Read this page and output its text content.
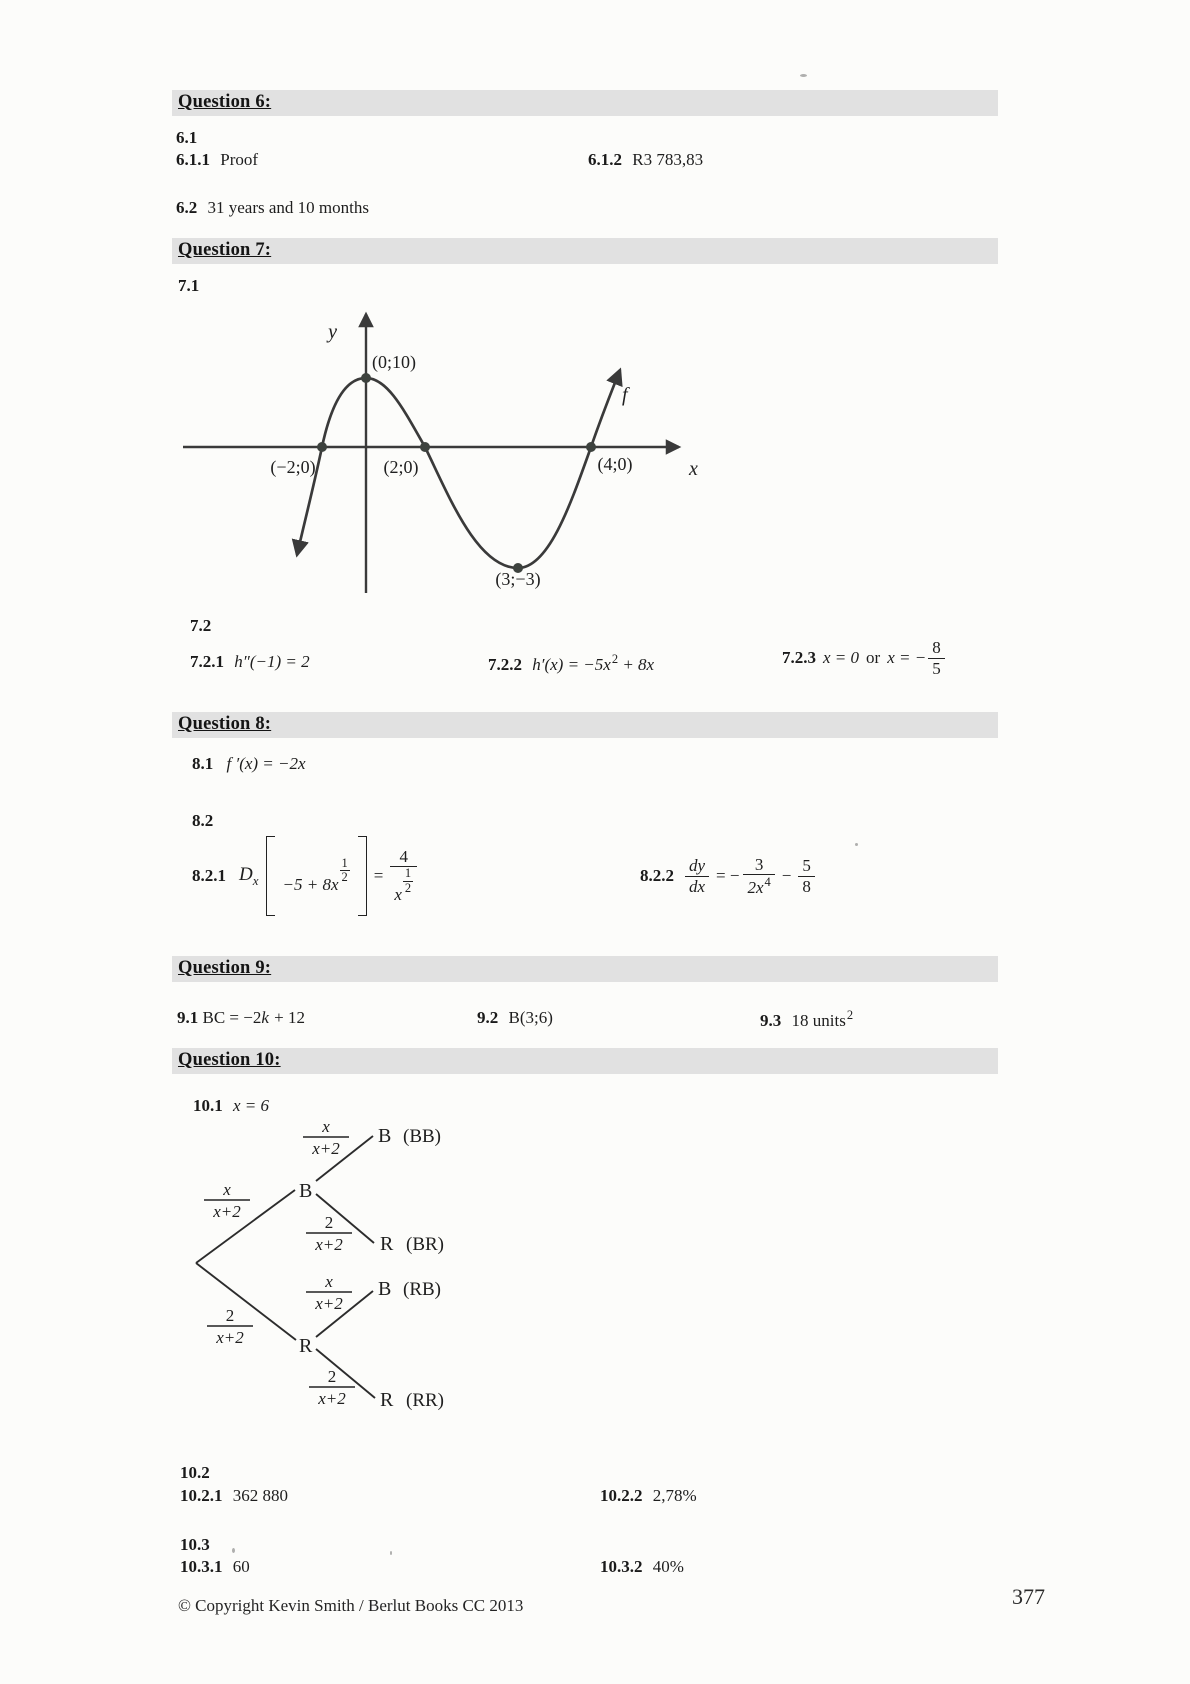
Question 6:
6.1
6.1.1 Proof	6.1.2 R3 783,83
6.2 31 years and 10 months
Question 7:
7.1
y
x
f
(0;10)
(−2;0)	(2;0)	(4;0)
(3;−3)
7.2
7.2.1 h″(−1) = 2	7.2.2 $h'(x) = -5x^2 + 8x$	7.2.3 x = 0 or x = − $\frac{8}{5}$
Question 8:
8.1 f ′(x) = −2x
8.2
8.2.1 $D_x -5 + 8x$
$\frac{1}{2} = 4$
x
$\frac{1}{2}$	$8.2.2 \frac{dy}{dx}$ = − $\frac{3}{2x^4} - \frac{5}{8}$
Question 9:
9.1 BC = −2k + 12	9.2 B(3;6)	9.3 18 units$^2$
Question 10:
10.1 x = 6
x
x+2
2
x+2
x
x+2
2
x+2
x
x+2
2
x+2
B
R
B (BB)
R (BR)
B (RB)
R (RR)
10.2
10.2.1 362 880	10.2.2 2,78%
10.3
10.3.1 60	10.3.2 40%
© Copyright Kevin Smith / Berlut Books CC 2013	377
